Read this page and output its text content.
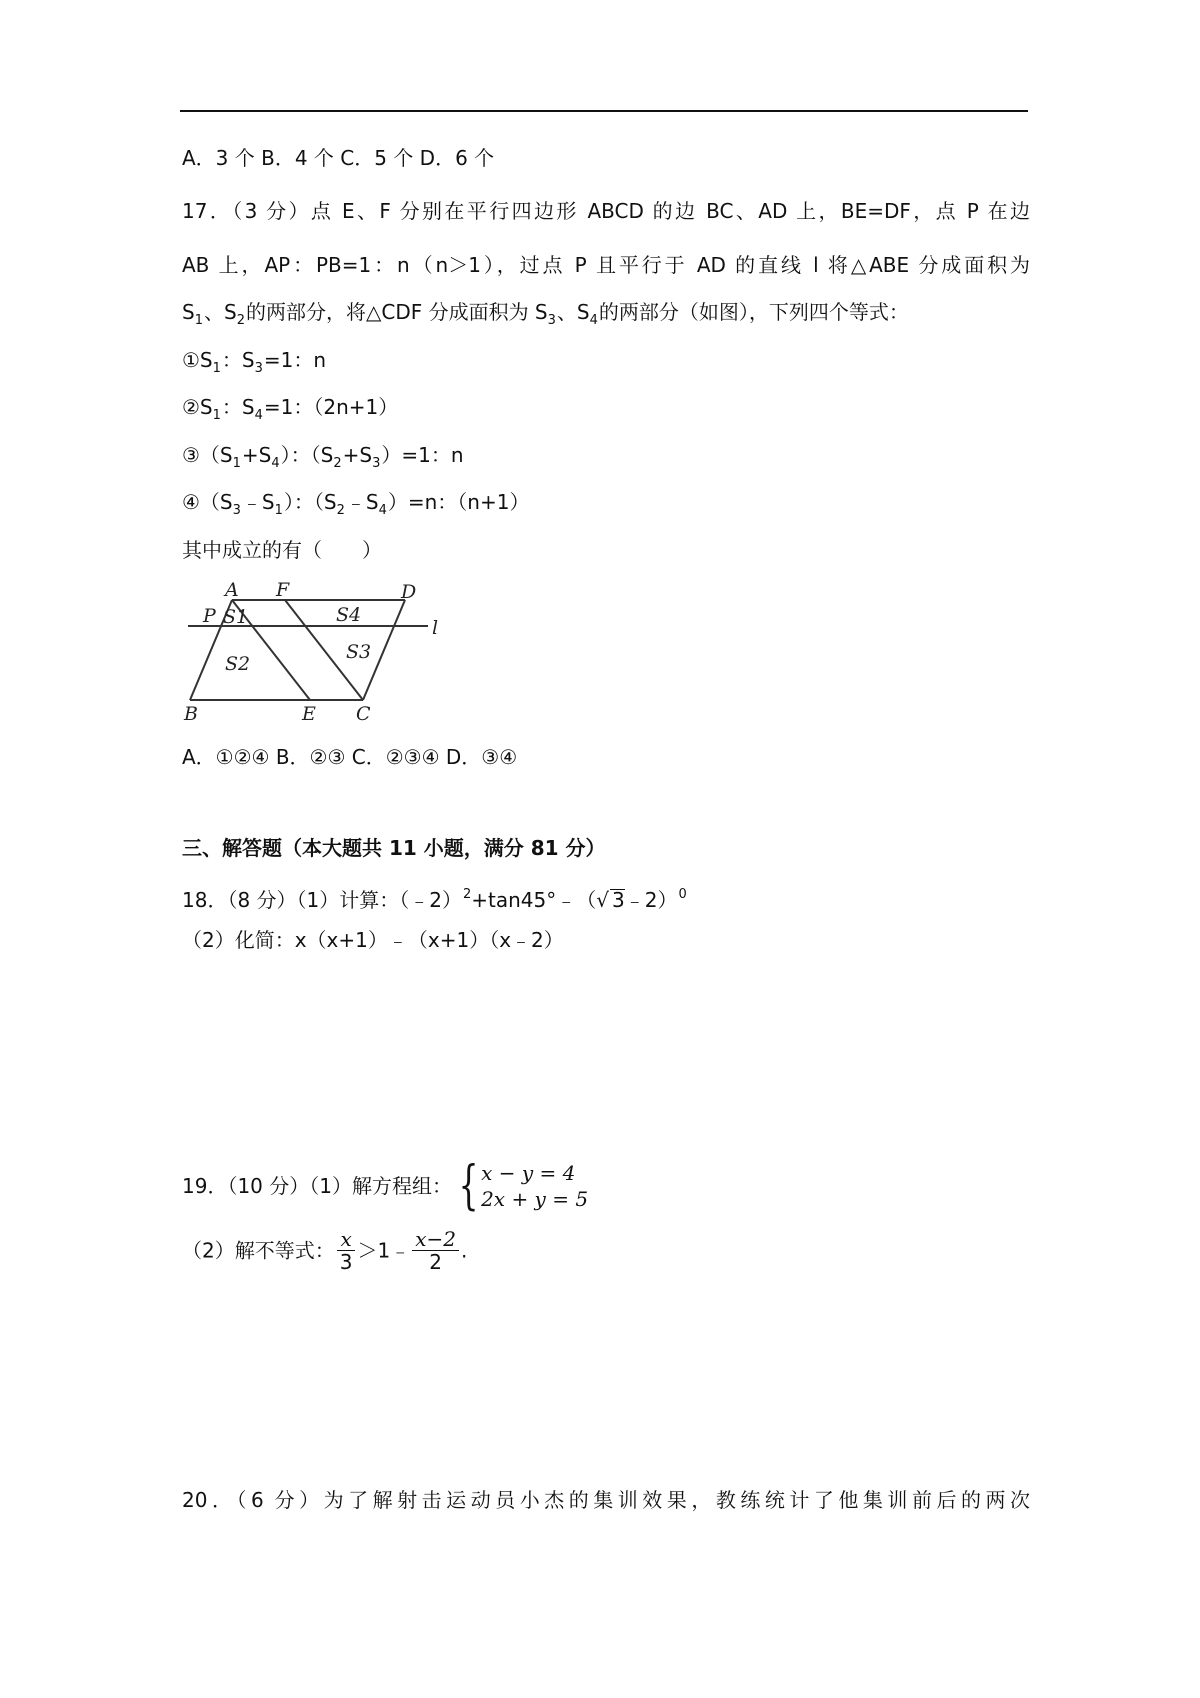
A．3 个 B．4 个 C．5 个 D．6 个
17．（3 分）点 E、F 分别在平行四边形 ABCD 的边 BC、AD 上，BE=DF，点 P 在边
AB 上，AP：PB=1：n（n＞1），过点 P 且平行于 AD 的直线 l 将△ABE 分成面积为
$S_1$、$S_2$的两部分，将△CDF 分成面积为 $S_3$、$S_4$的两部分（如图），下列四个等式：
$①S_1$：$S_3=1$：n
$②S_1$：$S_4=1$：（2n+1）
$③(S_1+S_4)$：$(S_2+S_3)=1$：n
$④(S_3﹣S_1)$：$(S_2﹣S_4)=n$：（n+1）
其中成立的有（　　）
A F	D
P S1	S4
l
S3
S2
B	E C
A．①②④ B．②③ C．②③④ D．③④
三、解答题（本大题共 11 小题，满分 81 分）
18．（8 分）（1）计算：（﹣2）$^2$+tan45°﹣（√ 3﹣2）$^0$
（2）化简：x（x+1）﹣（x+1）（x﹣2）
19．（10 分）（1）解方程组： { x − y = 4
2x + y = 5
（2）解不等式： $\frac{x}{3}$ ＞1﹣ $\frac{x-2}{2}$ .
20．（6 分）为了解射击运动员小杰的集训效果，教练统计了他集训前后的两次
